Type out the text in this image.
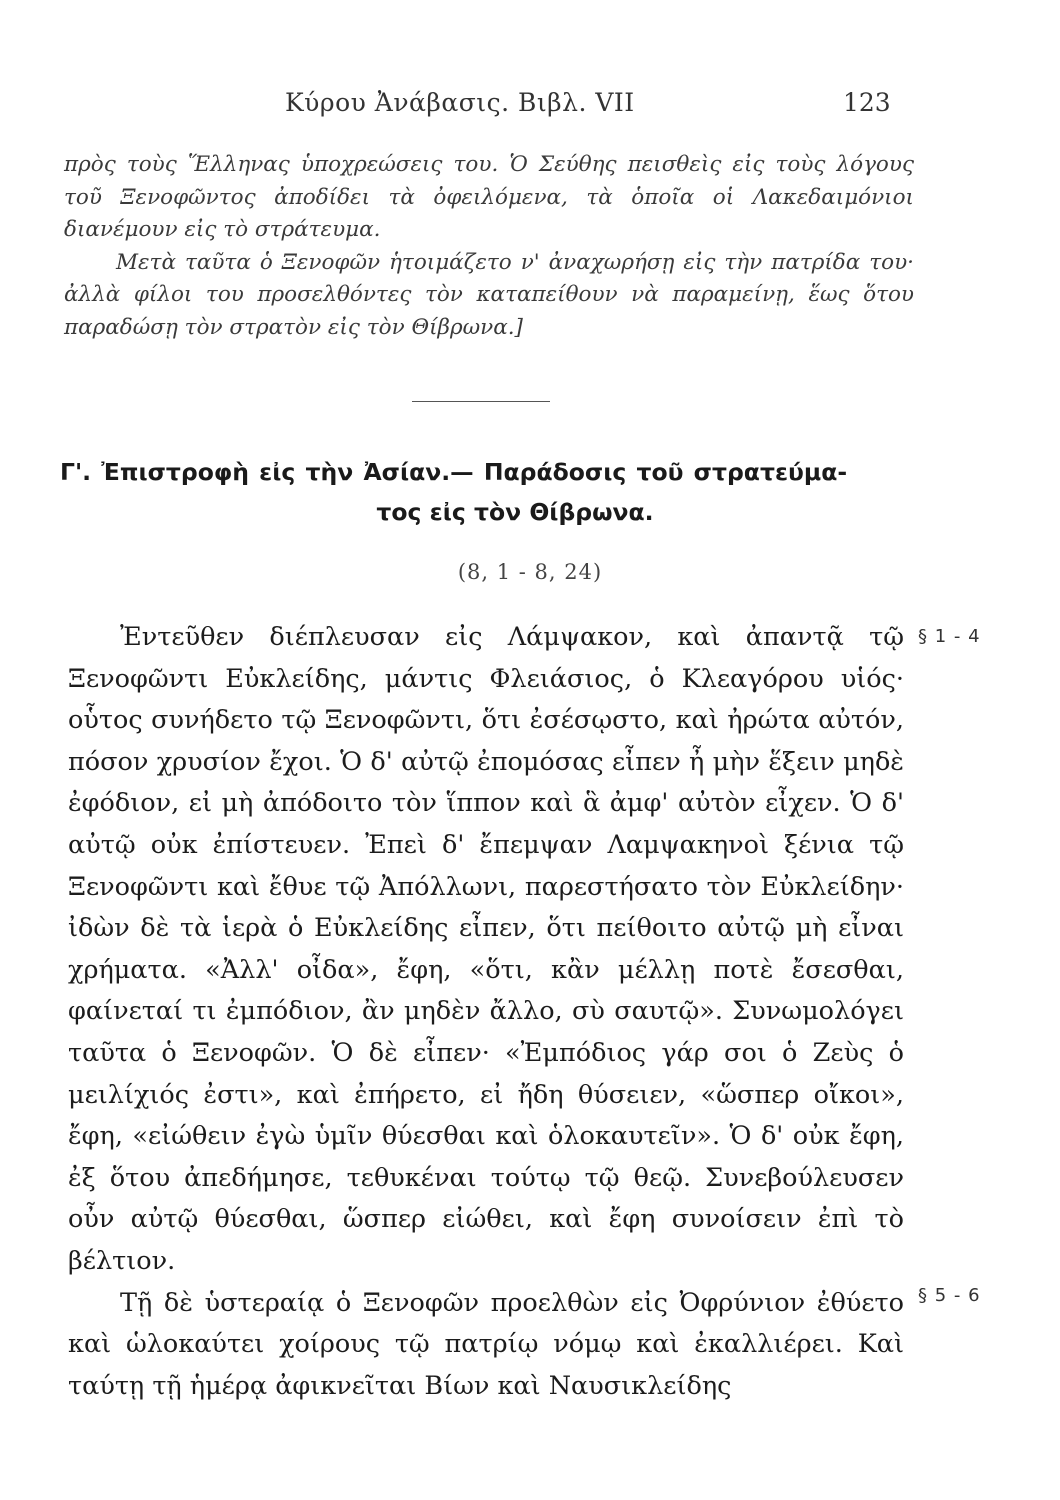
Κύρου Ἀνάβασις. Βιβλ. VII	123

πρὸς τοὺς Ἕλληνας ὑποχρεώσεις του. Ὁ Σεύθης πεισθεὶς εἰς τοὺς λόγους τοῦ Ξενοφῶντος ἀποδίδει τὰ ὀφειλόμενα, τὰ ὁποῖα οἱ Λακεδαιμόνιοι διανέμουν εἰς τὸ στράτευμα.

Μετὰ ταῦτα ὁ Ξενοφῶν ἡτοιμάζετο ν' ἀναχωρήσῃ εἰς τὴν πατρίδα του· ἀλλὰ φίλοι του προσελθόντες τὸν καταπείθουν νὰ παραμείνῃ, ἕως ὅτου παραδώσῃ τὸν στρατὸν εἰς τὸν Θίβρωνα.]

Γ'. Ἐπιστροφὴ εἰς τὴν Ἀσίαν.— Παράδοσις τοῦ στρατεύμα-
τος εἰς τὸν Θίβρωνα.
(8, 1 - 8, 24)

Ἐντεῦθεν διέπλευσαν εἰς Λάμψακον, καὶ ἀπαντᾷ τῷ Ξενοφῶντι Εὐκλείδης, μάντις Φλειάσιος, ὁ Κλεαγόρου υἱός· οὗτος συνήδετο τῷ Ξενοφῶντι, ὅτι ἐσέσῳστο, καὶ ἠρώτα αὐτόν, πόσον χρυσίον ἔχοι. Ὁ δ' αὐτῷ ἐπομόσας εἶπεν ἦ μὴν ἕξειν μηδὲ ἐφόδιον, εἰ μὴ ἀπόδοιτο τὸν ἵππον καὶ ἃ ἀμφ' αὐτὸν εἶχεν. Ὁ δ' αὐτῷ οὐκ ἐπίστευεν. Ἐπεὶ δ' ἔπεμψαν Λαμψακηνοὶ ξένια τῷ Ξενοφῶντι καὶ ἔθυε τῷ Ἀπόλλωνι, παρεστήσατο τὸν Εὐκλείδην· ἰδὼν δὲ τὰ ἱερὰ ὁ Εὐκλείδης εἶπεν, ὅτι πείθοιτο αὐτῷ μὴ εἶναι χρήματα. «Ἀλλ' οἶδα», ἔφη, «ὅτι, κἂν μέλλῃ ποτὲ ἔσεσθαι, φαίνεταί τι ἐμπόδιον, ἂν μηδὲν ἄλλο, σὺ σαυτῷ». Συνωμολόγει ταῦτα ὁ Ξενοφῶν. Ὁ δὲ εἶπεν· «Ἐμπόδιος γάρ σοι ὁ Ζεὺς ὁ μειλίχιός ἐστι», καὶ ἐπήρετο, εἰ ἤδη θύσειεν, «ὥσπερ οἴκοι», ἔφη, «εἰώθειν ἐγὼ ὑμῖν θύεσθαι καὶ ὁλοκαυτεῖν». Ὁ δ' οὐκ ἔφη, ἐξ ὅτου ἀπεδήμησε, τεθυκέναι τούτῳ τῷ θεῷ. Συνεβούλευσεν οὖν αὐτῷ θύεσθαι, ὥσπερ εἰώθει, καὶ ἔφη συνοίσειν ἐπὶ τὸ βέλτιον.

Τῇ δὲ ὑστεραίᾳ ὁ Ξενοφῶν προελθὼν εἰς Ὀφρύνιον ἐθύετο καὶ ὡλοκαύτει χοίρους τῷ πατρίῳ νόμῳ καὶ ἐκαλλιέρει. Καὶ ταύτῃ τῇ ἡμέρᾳ ἀφικνεῖται Βίων καὶ Ναυσικλείδης

§ 1 - 4
§ 5 - 6
